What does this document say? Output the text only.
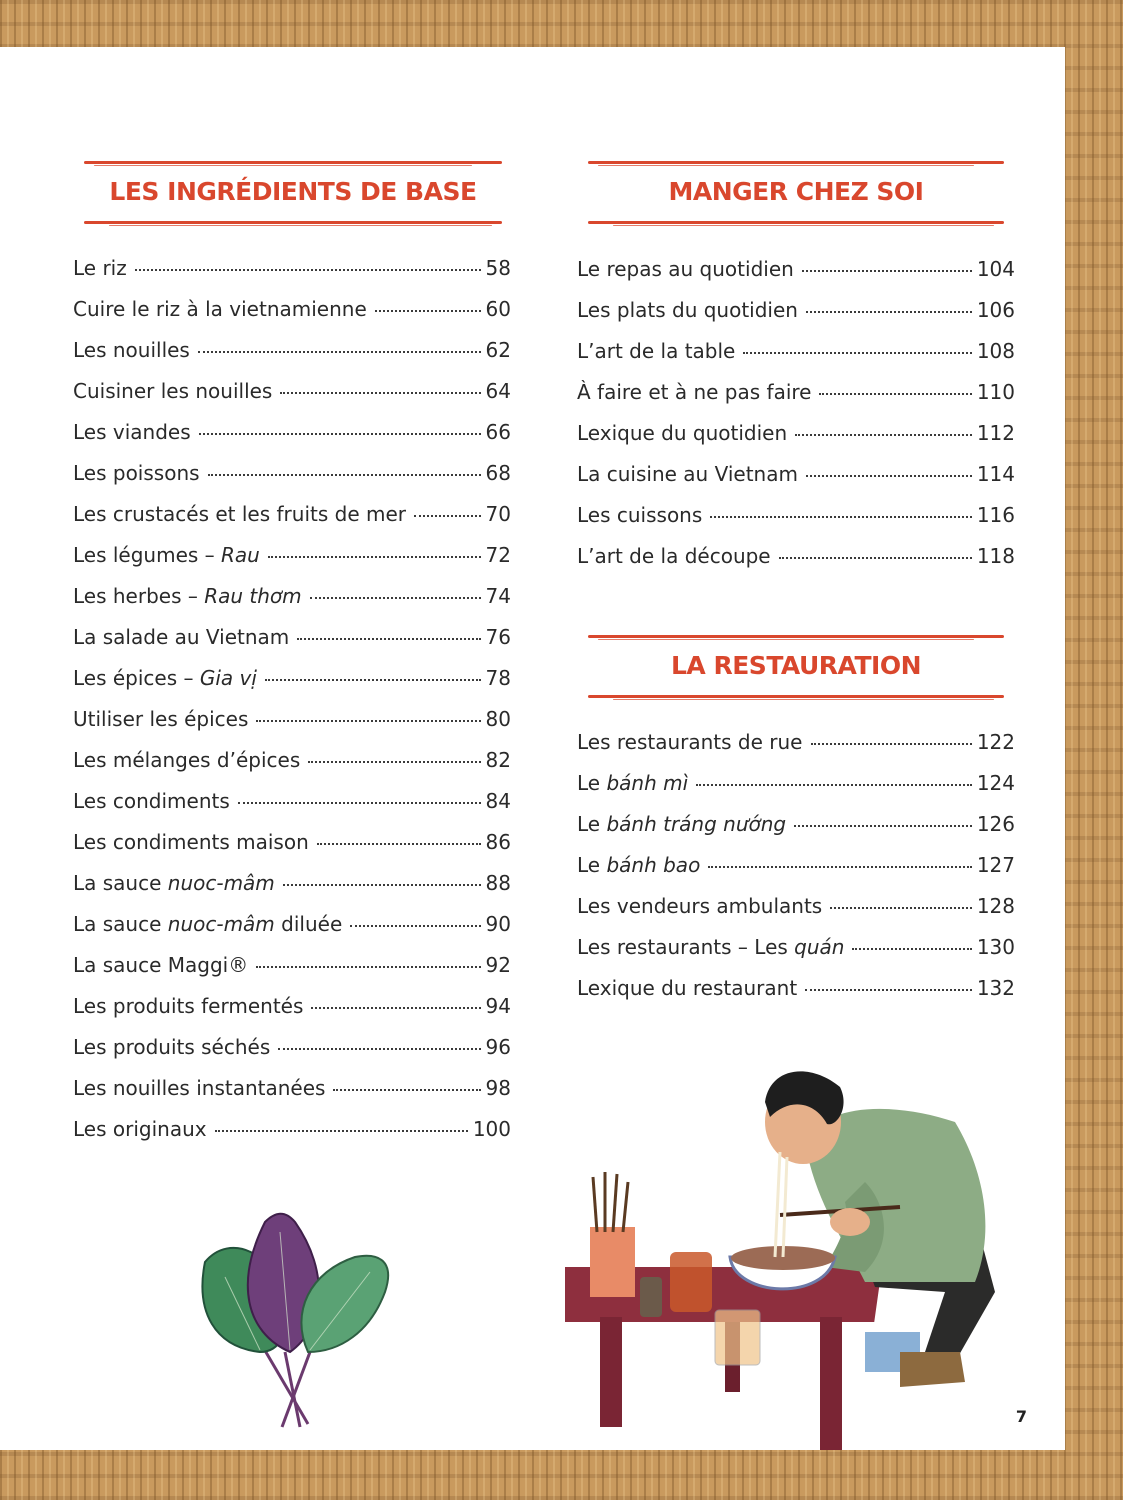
LES INGRÉDIENTS DE BASE
Le riz	58
Cuire le riz à la vietnamienne	60
Les nouilles	62
Cuisiner les nouilles	64
Les viandes	66
Les poissons	68
Les crustacés et les fruits de mer	70
Les légumes – Rau	72
Les herbes – Rau thơm	74
La salade au Vietnam	76
Les épices – Gia vị	78
Utiliser les épices	80
Les mélanges d’épices	82
Les condiments	84
Les condiments maison	86
La sauce nuoc-mâm	88
La sauce nuoc-mâm diluée	90
La sauce Maggi®	92
Les produits fermentés	94
Les produits séchés	96
Les nouilles instantanées	98
Les originaux	100
MANGER CHEZ SOI
Le repas au quotidien	104
Les plats du quotidien	106
L’art de la table	108
À faire et à ne pas faire	110
Lexique du quotidien	112
La cuisine au Vietnam	114
Les cuissons	116
L’art de la découpe	118
LA RESTAURATION
Les restaurants de rue	122
Le bánh mì	124
Le bánh tráng nướng	126
Le bánh bao	127
Les vendeurs ambulants	128
Les restaurants – Les quán	130
Lexique du restaurant	132
7
